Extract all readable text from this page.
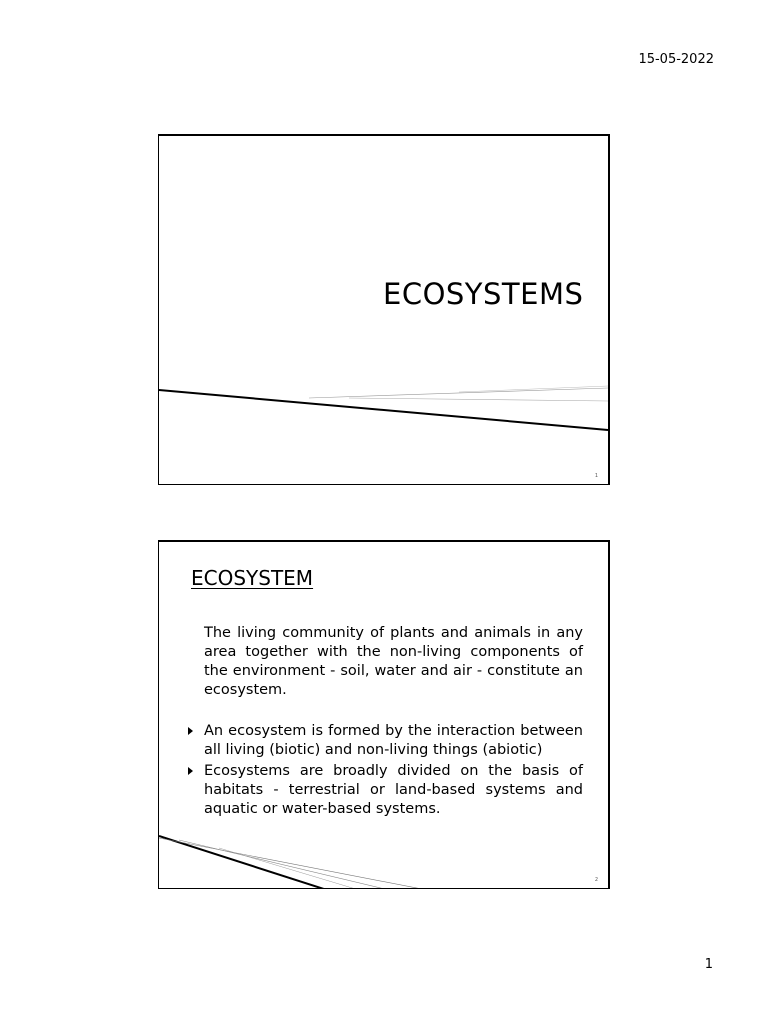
15-05-2022
ECOSYSTEMS
1
ECOSYSTEM
The living community of plants and animals in any area together with the non-living components of the environment - soil, water and air - constitute an ecosystem.
An ecosystem is formed by the interaction between all living (biotic) and non-living things (abiotic)
Ecosystems are broadly divided on the basis of habitats - terrestrial or land-based systems and aquatic or water-based systems.
2
1
